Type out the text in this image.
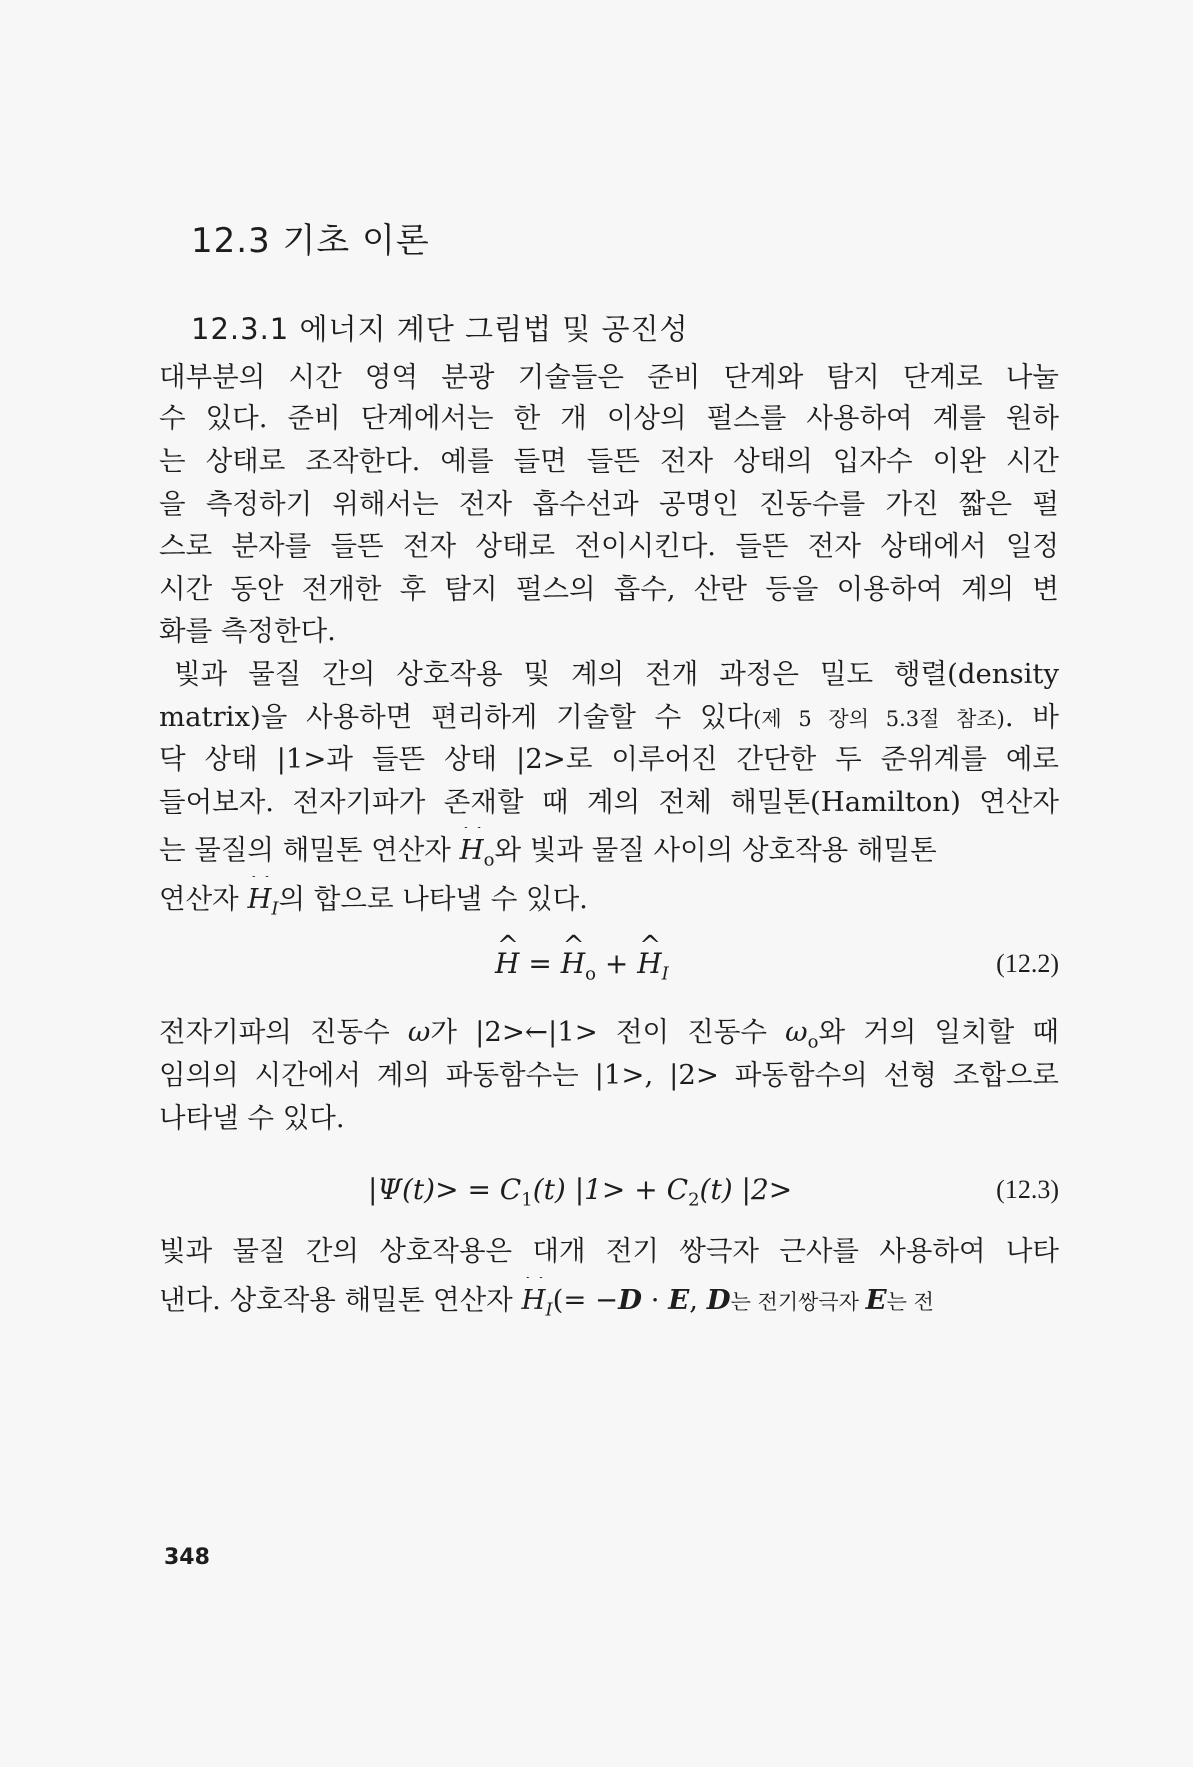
12.3 기초 이론
12.3.1 에너지 계단 그림법 및 공진성
대부분의 시간 영역 분광 기술들은 준비 단계와 탐지 단계로 나눌
수 있다. 준비 단계에서는 한 개 이상의 펄스를 사용하여 계를 원하
는 상태로 조작한다. 예를 들면 들뜬 전자 상태의 입자수 이완 시간
을 측정하기 위해서는 전자 흡수선과 공명인 진동수를 가진 짧은 펄
스로 분자를 들뜬 전자 상태로 전이시킨다. 들뜬 전자 상태에서 일정
시간 동안 전개한 후 탐지 펄스의 흡수, 산란 등을 이용하여 계의 변
화를 측정한다.
빛과 물질 간의 상호작용 및 계의 전개 과정은 밀도 행렬(density
matrix)을 사용하면 편리하게 기술할 수 있다(제 5 장의 5.3절 참조). 바
닥 상태 |1>과 들뜬 상태 |2>로 이루어진 간단한 두 준위계를 예로
들어보자. 전자기파가 존재할 때 계의 전체 해밀톤(Hamilton) 연산자
는 물질의 해밀톤 연산자 ^ $H_o$와 빛과 물질 사이의 상호작용 해밀톤
연산자 ^ $H_I$의 합으로 나타낼 수 있다.
^ H = ^ $H_o$ + ^ $H_I$	(12.2)
전자기파의 진동수 ω가 |2>←|1> 전이 진동수 $\omega_o$와 거의 일치할 때
임의의 시간에서 계의 파동함수는 |1>, |2> 파동함수의 선형 조합으로
나타낼 수 있다.
$|\Psi(t)> = C_1(t) |1> + C_2(t)$ |2>	(12.3)
빛과 물질 간의 상호작용은 대개 전기 쌍극자 근사를 사용하여 나타
낸다. 상호작용 해밀톤 연산자 ^ $H_I(= -D \cdot E$, D는 전기쌍극자 E는 전
348
